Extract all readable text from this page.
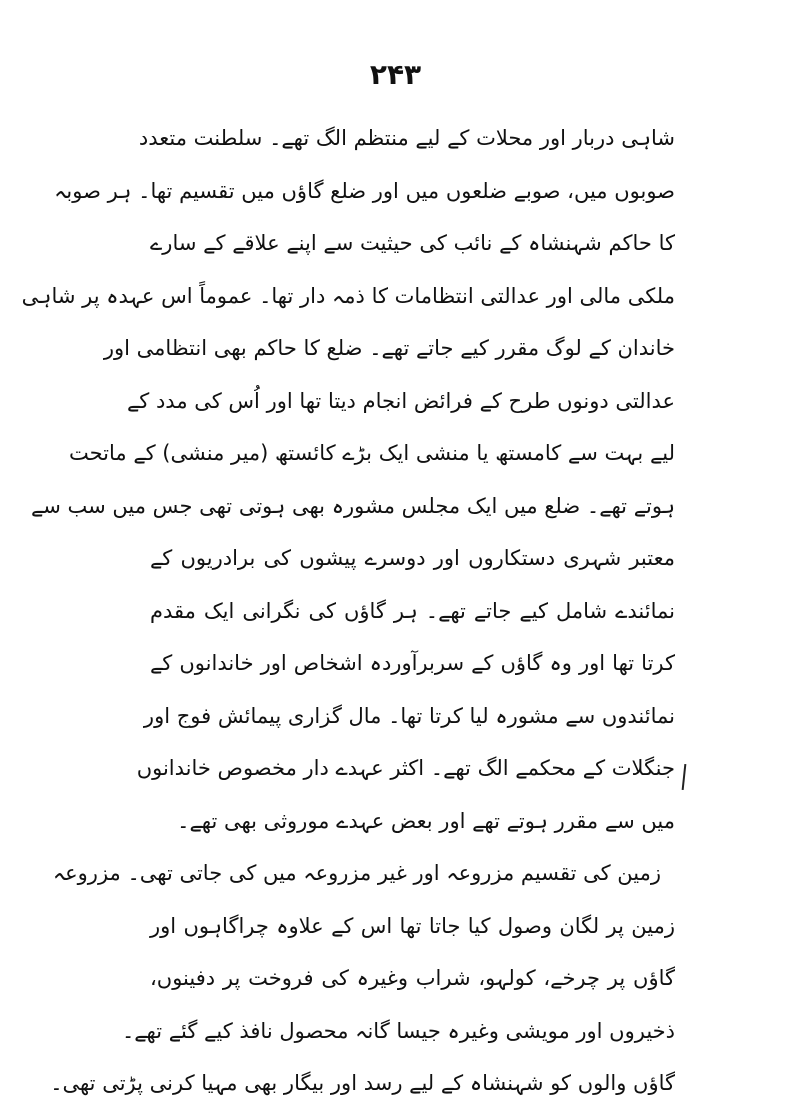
۲۴۳
شاہی دربار اور محلات کے لیے منتظم الگ تھے۔ سلطنت متعدد
صوبوں میں، صوبے ضلعوں میں اور ضلع گاؤں میں تقسیم تھا۔ ہر صوبہ
کا حاکم شہنشاہ کے نائب کی حیثیت سے اپنے علاقے کے سارے
ملکی مالی اور عدالتی انتظامات کا ذمہ دار تھا۔ عموماً اس عہدہ پر شاہی
خاندان کے لوگ مقرر کیے جاتے تھے۔ ضلع کا حاکم بھی انتظامی اور
عدالتی دونوں طرح کے فرائض انجام دیتا تھا اور اُس کی مدد کے
لیے بہت سے کامستھ یا منشی ایک بڑے کائستھ (میر منشی) کے ماتحت
ہوتے تھے۔ ضلع میں ایک مجلس مشورہ بھی ہوتی تھی جس میں سب سے
معتبر شہری دستکاروں اور دوسرے پیشوں کی برادریوں کے
نمائندے شامل کیے جاتے تھے۔ ہر گاؤں کی نگرانی ایک مقدم
کرتا تھا اور وہ گاؤں کے سربرآوردہ اشخاص اور خاندانوں کے
نمائندوں سے مشورہ لیا کرتا تھا۔ مال گزاری پیمائش فوج اور
جنگلات کے محکمے الگ تھے۔ اکثر عہدے دار مخصوص خاندانوں
میں سے مقرر ہوتے تھے اور بعض عہدے موروثی بھی تھے۔
زمین کی تقسیم مزروعہ اور غیر مزروعہ میں کی جاتی تھی۔ مزروعہ
زمین پر لگان وصول کیا جاتا تھا اس کے علاوہ چراگاہوں اور
گاؤں پر چرخے، کولہو، شراب وغیرہ کی فروخت پر دفینوں،
ذخیروں اور مویشی وغیرہ جیسا گانہ محصول نافذ کیے گئے تھے۔
گاؤں والوں کو شہنشاہ کے لیے رسد اور بیگار بھی مہیا کرنی پڑتی تھی۔
